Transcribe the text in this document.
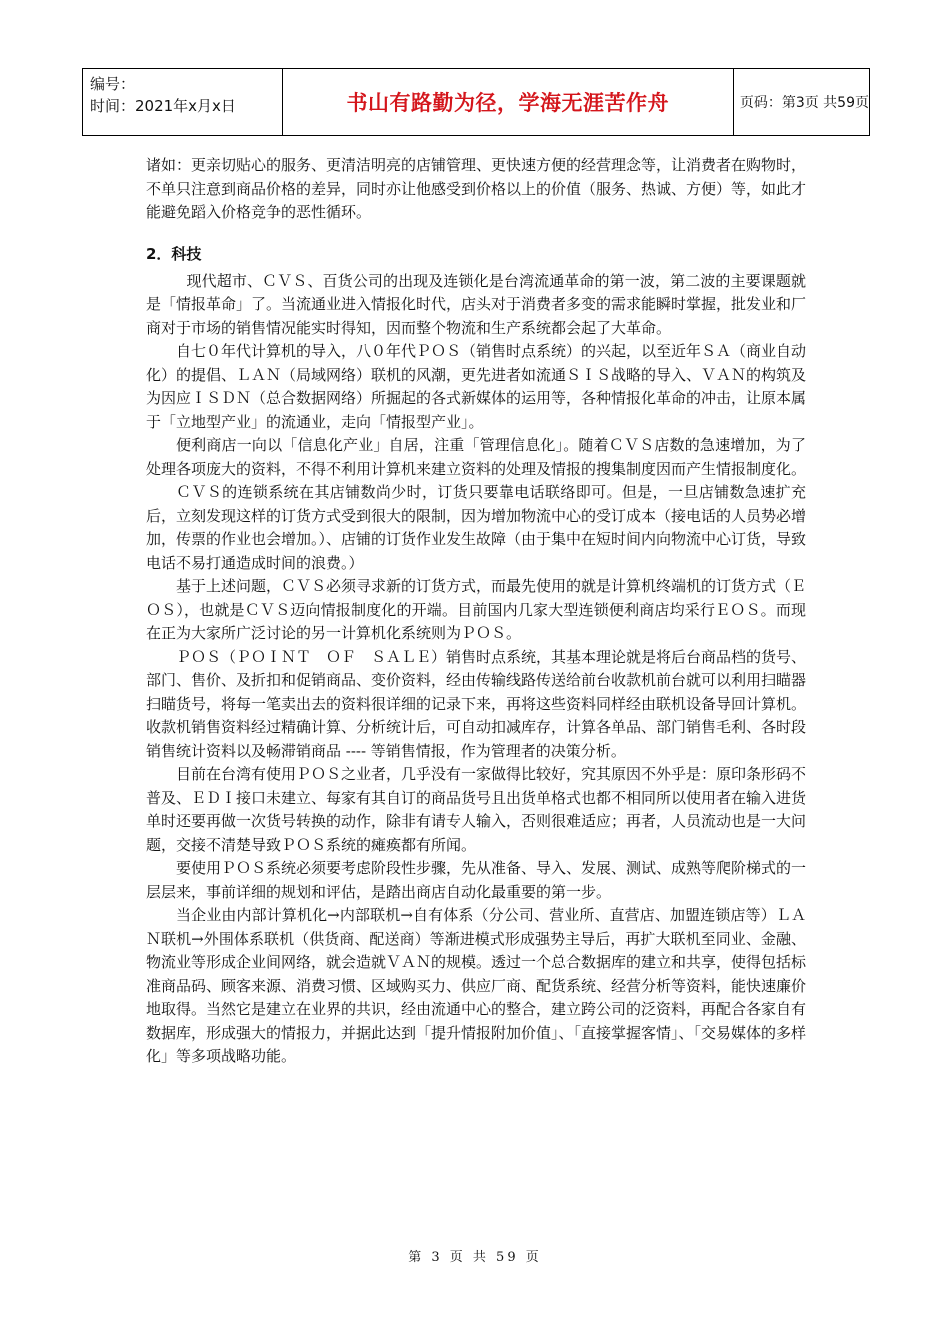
编号：
时间：2021年x月x日	书山有路勤为径，学海无涯苦作舟	页码：第3页 共59页

诸如：更亲切贴心的服务、更清洁明亮的店铺管理、更快速方便的经营理念等，让消费者在购物时，不单只注意到商品价格的差异，同时亦让他感受到价格以上的价值（服务、热诚、方便）等，如此才能避免蹈入价格竞争的恶性循环。

2．科技

现代超市、ＣＶＳ、百货公司的出现及连锁化是台湾流通革命的第一波，第二波的主要课题就是「情报革命」了。当流通业进入情报化时代，店头对于消费者多变的需求能瞬时掌握，批发业和厂商对于市场的销售情况能实时得知，因而整个物流和生产系统都会起了大革命。

自七０年代计算机的导入，八０年代ＰＯＳ（销售时点系统）的兴起，以至近年ＳＡ（商业自动化）的提倡、ＬＡＮ（局域网络）联机的风潮，更先进者如流通ＳＩＳ战略的导入、ＶＡＮ的构筑及为因应ＩＳＤＮ（总合数据网络）所掘起的各式新媒体的运用等，各种情报化革命的冲击，让原本属于「立地型产业」的流通业，走向「情报型产业」。

便利商店一向以「信息化产业」自居，注重「管理信息化」。随着ＣＶＳ店数的急速增加，为了处理各项庞大的资料，不得不利用计算机来建立资料的处理及情报的搜集制度因而产生情报制度化。

ＣＶＳ的连锁系统在其店铺数尚少时，订货只要靠电话联络即可。但是，一旦店铺数急速扩充后，立刻发现这样的订货方式受到很大的限制，因为增加物流中心的受订成本（接电话的人员势必增加，传票的作业也会增加。）、店铺的订货作业发生故障（由于集中在短时间内向物流中心订货，导致电话不易打通造成时间的浪费。）

基于上述问题，ＣＶＳ必须寻求新的订货方式，而最先使用的就是计算机终端机的订货方式（ＥＯＳ），也就是ＣＶＳ迈向情报制度化的开端。目前国内几家大型连锁便利商店均采行ＥＯＳ。而现在正为大家所广泛讨论的另一计算机化系统则为ＰＯＳ。

ＰＯＳ（ＰＯＩＮＴ　ＯＦ　ＳＡＬＥ）销售时点系统，其基本理论就是将后台商品档的货号、部门、售价、及折扣和促销商品、变价资料，经由传输线路传送给前台收款机前台就可以利用扫瞄器扫瞄货号，将每一笔卖出去的资料很详细的记录下来，再将这些资料同样经由联机设备导回计算机。收款机销售资料经过精确计算、分析统计后，可自动扣减库存，计算各单品、部门销售毛利、各时段销售统计资料以及畅滞销商品 ---- 等销售情报，作为管理者的决策分析。

目前在台湾有使用ＰＯＳ之业者，几乎没有一家做得比较好，究其原因不外乎是：原印条形码不普及、ＥＤＩ接口未建立、每家有其自订的商品货号且出货单格式也都不相同所以使用者在输入进货单时还要再做一次货号转换的动作，除非有请专人输入，否则很难适应；再者，人员流动也是一大问题，交接不清楚导致ＰＯＳ系统的瘫痪都有所闻。

要使用ＰＯＳ系统必须要考虑阶段性步骤，先从准备、导入、发展、测试、成熟等爬阶梯式的一层层来，事前详细的规划和评估，是踏出商店自动化最重要的第一步。

当企业由内部计算机化→内部联机→自有体系（分公司、营业所、直营店、加盟连锁店等）ＬＡＮ联机→外围体系联机（供货商、配送商）等渐进模式形成强势主导后，再扩大联机至同业、金融、物流业等形成企业间网络，就会造就ＶＡＮ的规模。透过一个总合数据库的建立和共享，使得包括标准商品码、顾客来源、消费习惯、区域购买力、供应厂商、配货系统、经营分析等资料，能快速廉价地取得。当然它是建立在业界的共识，经由流通中心的整合，建立跨公司的泛资料，再配合各家自有数据库，形成强大的情报力，并据此达到「提升情报附加价值」、「直接掌握客情」、「交易媒体的多样化」等多项战略功能。

第 3 页 共 59 页
